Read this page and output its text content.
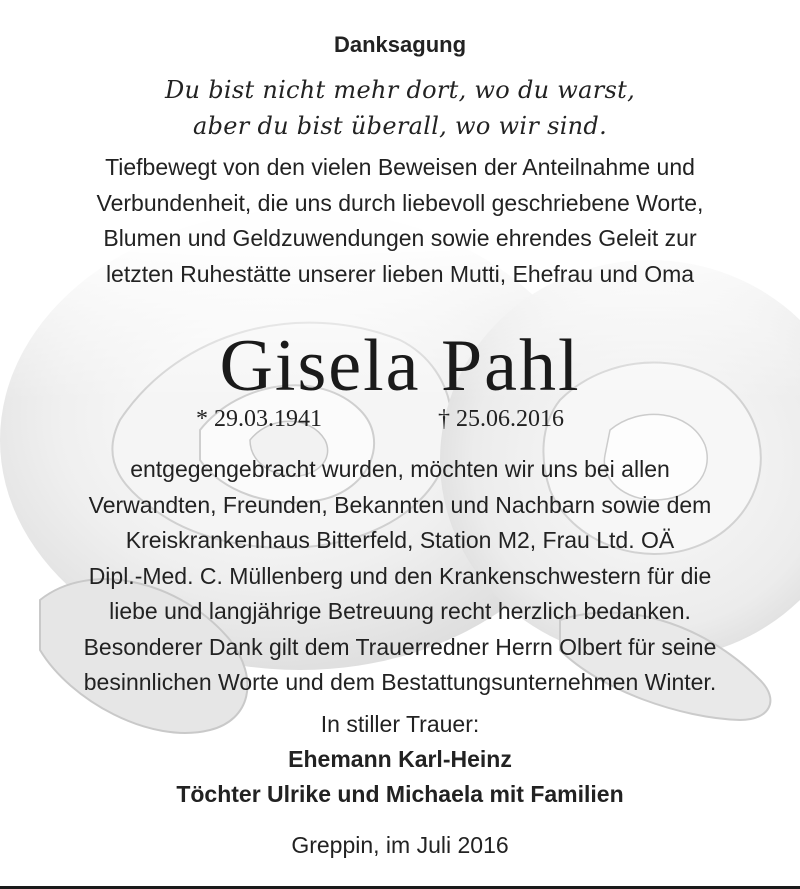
Danksagung
Du bist nicht mehr dort, wo du warst,
aber du bist überall, wo wir sind.
Tiefbewegt von den vielen Beweisen der Anteilnahme und
Verbundenheit, die uns durch liebevoll geschriebene Worte,
Blumen und Geldzuwendungen sowie ehrendes Geleit zur
letzten Ruhestätte unserer lieben Mutti, Ehefrau und Oma
Gisela Pahl
* 29.03.1941	† 25.06.2016
entgegengebracht wurden, möchten wir uns bei allen
Verwandten, Freunden, Bekannten und Nachbarn sowie dem
Kreiskrankenhaus Bitterfeld, Station M2, Frau Ltd. OÄ
Dipl.-Med. C. Müllenberg und den Krankenschwestern für die
liebe und langjährige Betreuung recht herzlich bedanken.
Besonderer Dank gilt dem Trauerredner Herrn Olbert für seine
besinnlichen Worte und dem Bestattungsunternehmen Winter.
In stiller Trauer:
Ehemann Karl-Heinz
Töchter Ulrike und Michaela mit Familien
Greppin, im Juli 2016
